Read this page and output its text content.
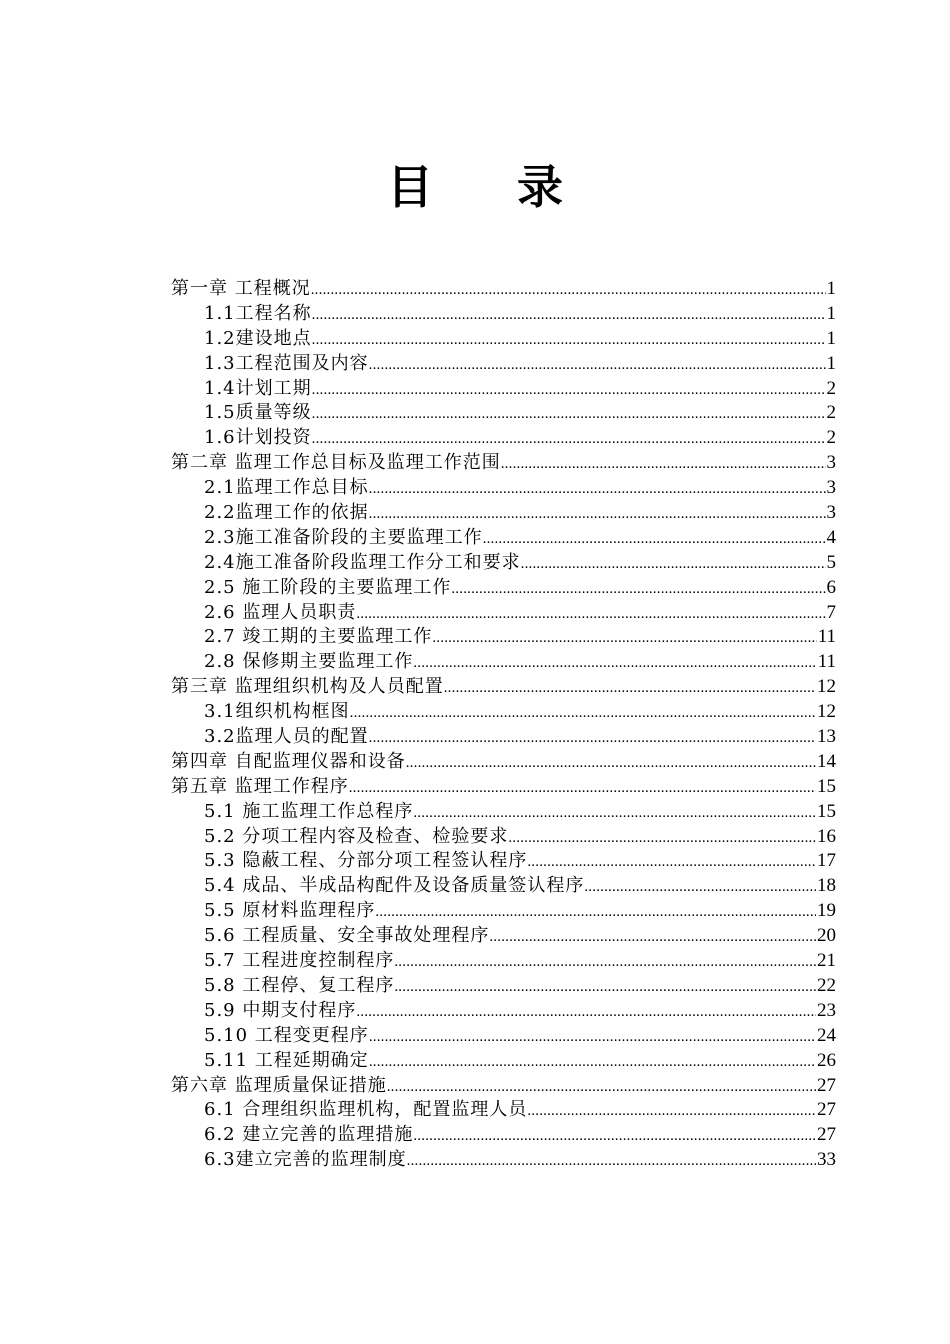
目 录
第一章 工程概况 .....	1
1.1工程名称 .....	1
1.2建设地点 .....	1
1.3工程范围及内容 .....	1
1.4计划工期 .....	2
1.5质量等级 .....	2
1.6计划投资 .....	2
第二章 监理工作总目标及监理工作范围 .....	3
2.1监理工作总目标 .....	3
2.2监理工作的依据 .....	3
2.3施工准备阶段的主要监理工作 .....	4
2.4施工准备阶段监理工作分工和要求 .....	5
2.5 施工阶段的主要监理工作 .....	6
2.6 监理人员职责 .....	7
2.7 竣工期的主要监理工作 .....	11
2.8 保修期主要监理工作 .....	11
第三章 监理组织机构及人员配置 .....	12
3.1组织机构框图 .....	12
3.2监理人员的配置 .....	13
第四章 自配监理仪器和设备 .....	14
第五章 监理工作程序 .....	15
5.1 施工监理工作总程序 .....	15
5.2 分项工程内容及检查、检验要求 .....	16
5.3 隐蔽工程、分部分项工程签认程序 .....	17
5.4 成品、半成品构配件及设备质量签认程序 .....	18
5.5 原材料监理程序 .....	19
5.6 工程质量、安全事故处理程序 .....	20
5.7 工程进度控制程序 .....	21
5.8 工程停、复工程序 .....	22
5.9 中期支付程序 .....	23
5.10 工程变更程序 .....	24
5.11 工程延期确定 .....	26
第六章 监理质量保证措施 .....	27
6.1 合理组织监理机构，配置监理人员 .....	27
6.2 建立完善的监理措施 .....	27
6.3建立完善的监理制度 .....	33
